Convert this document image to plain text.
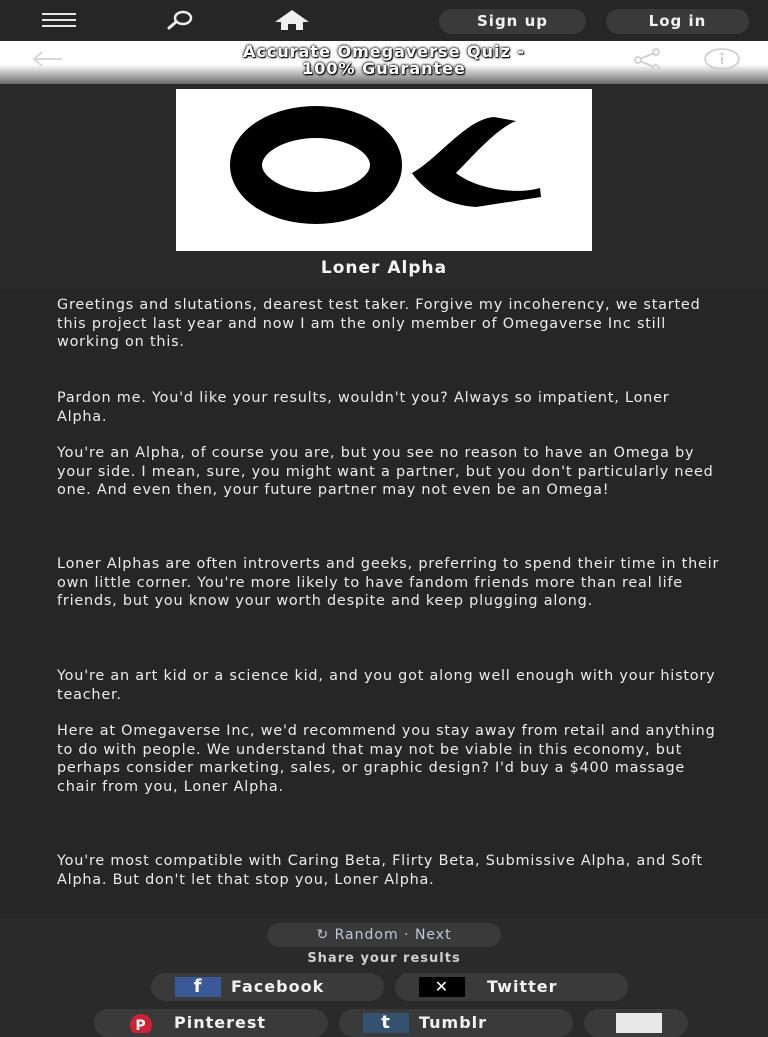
Sign up	Log in
Accurate Omegaverse Quiz -
100% Guarantee
Loner Alpha

Greetings and slutations, dearest test taker. Forgive my incoherency, we started this project last year and now I am the only member of Omegaverse Inc still working on this.

Pardon me. You'd like your results, wouldn't you? Always so impatient, Loner Alpha.

You're an Alpha, of course you are, but you see no reason to have an Omega by your side. I mean, sure, you might want a partner, but you don't particularly need one. And even then, your future partner may not even be an Omega!

Loner Alphas are often introverts and geeks, preferring to spend their time in their own little corner. You're more likely to have fandom friends more than real life friends, but you know your worth despite and keep plugging along.

You're an art kid or a science kid, and you got along well enough with your history teacher.

Here at Omegaverse Inc, we'd recommend you stay away from retail and anything to do with people. We understand that may not be viable in this economy, but perhaps consider marketing, sales, or graphic design? I'd buy a $400 massage chair from you, Loner Alpha.

You're most compatible with Caring Beta, Flirty Beta, Submissive Alpha, and Soft Alpha. But don't let that stop you, Loner Alpha.

↻ Random · Next
Share your results
f	Facebook	✕	Twitter
P Pinterest	t	Tumblr
